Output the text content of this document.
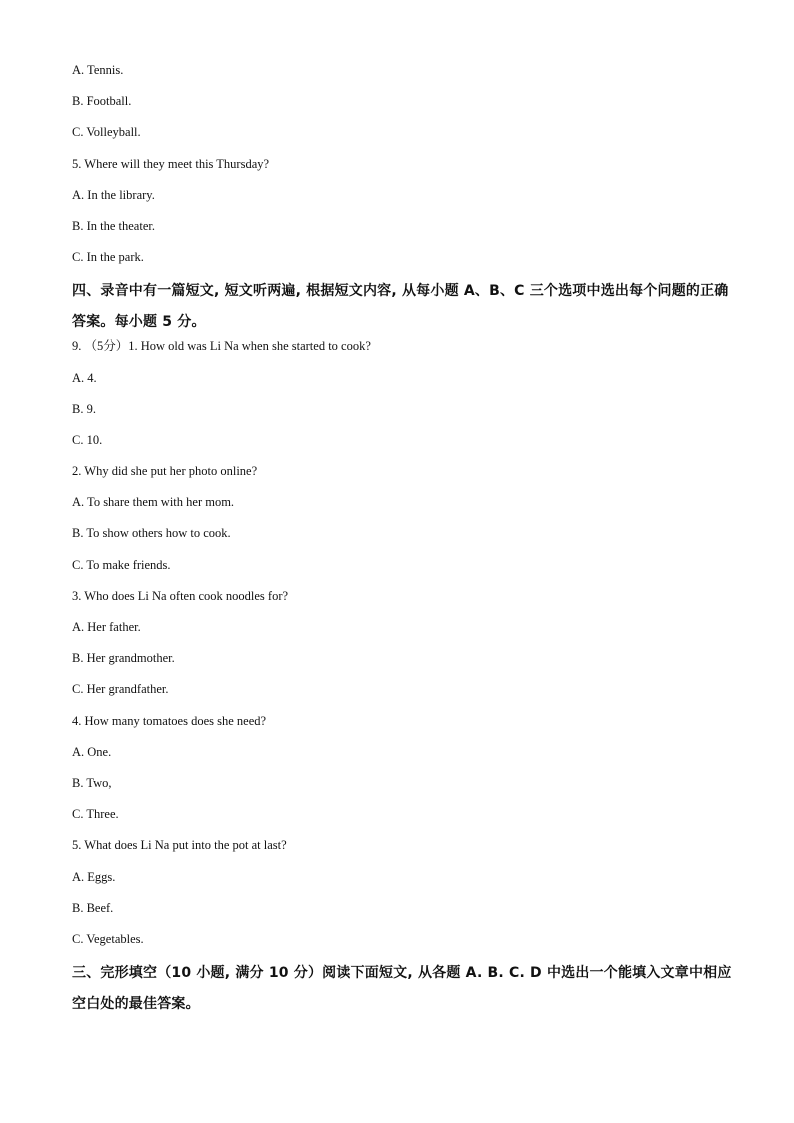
A. Tennis.
B. Football.
C. Volleyball.
5. Where will they meet this Thursday?
A. In the library.
B. In the theater.
C. In the park.
四、录音中有一篇短文, 短文听两遍, 根据短文内容, 从每小题 A、B、C 三个选项中选出每个问题的正确答案。每小题 5 分。
9. （5分）1. How old was Li Na when she started to cook?
A. 4.
B. 9.
C. 10.
2. Why did she put her photo online?
A. To share them with her mom.
B. To show others how to cook.
C. To make friends.
3. Who does Li Na often cook noodles for?
A. Her father.
B. Her grandmother.
C. Her grandfather.
4. How many tomatoes does she need?
A. One.
B. Two,
C. Three.
5. What does Li Na put into the pot at last?
A. Eggs.
B. Beef.
C. Vegetables.
三、完形填空（10 小题, 满分 10 分）阅读下面短文, 从各题 A. B. C. D 中选出一个能填入文章中相应空白处的最佳答案。
